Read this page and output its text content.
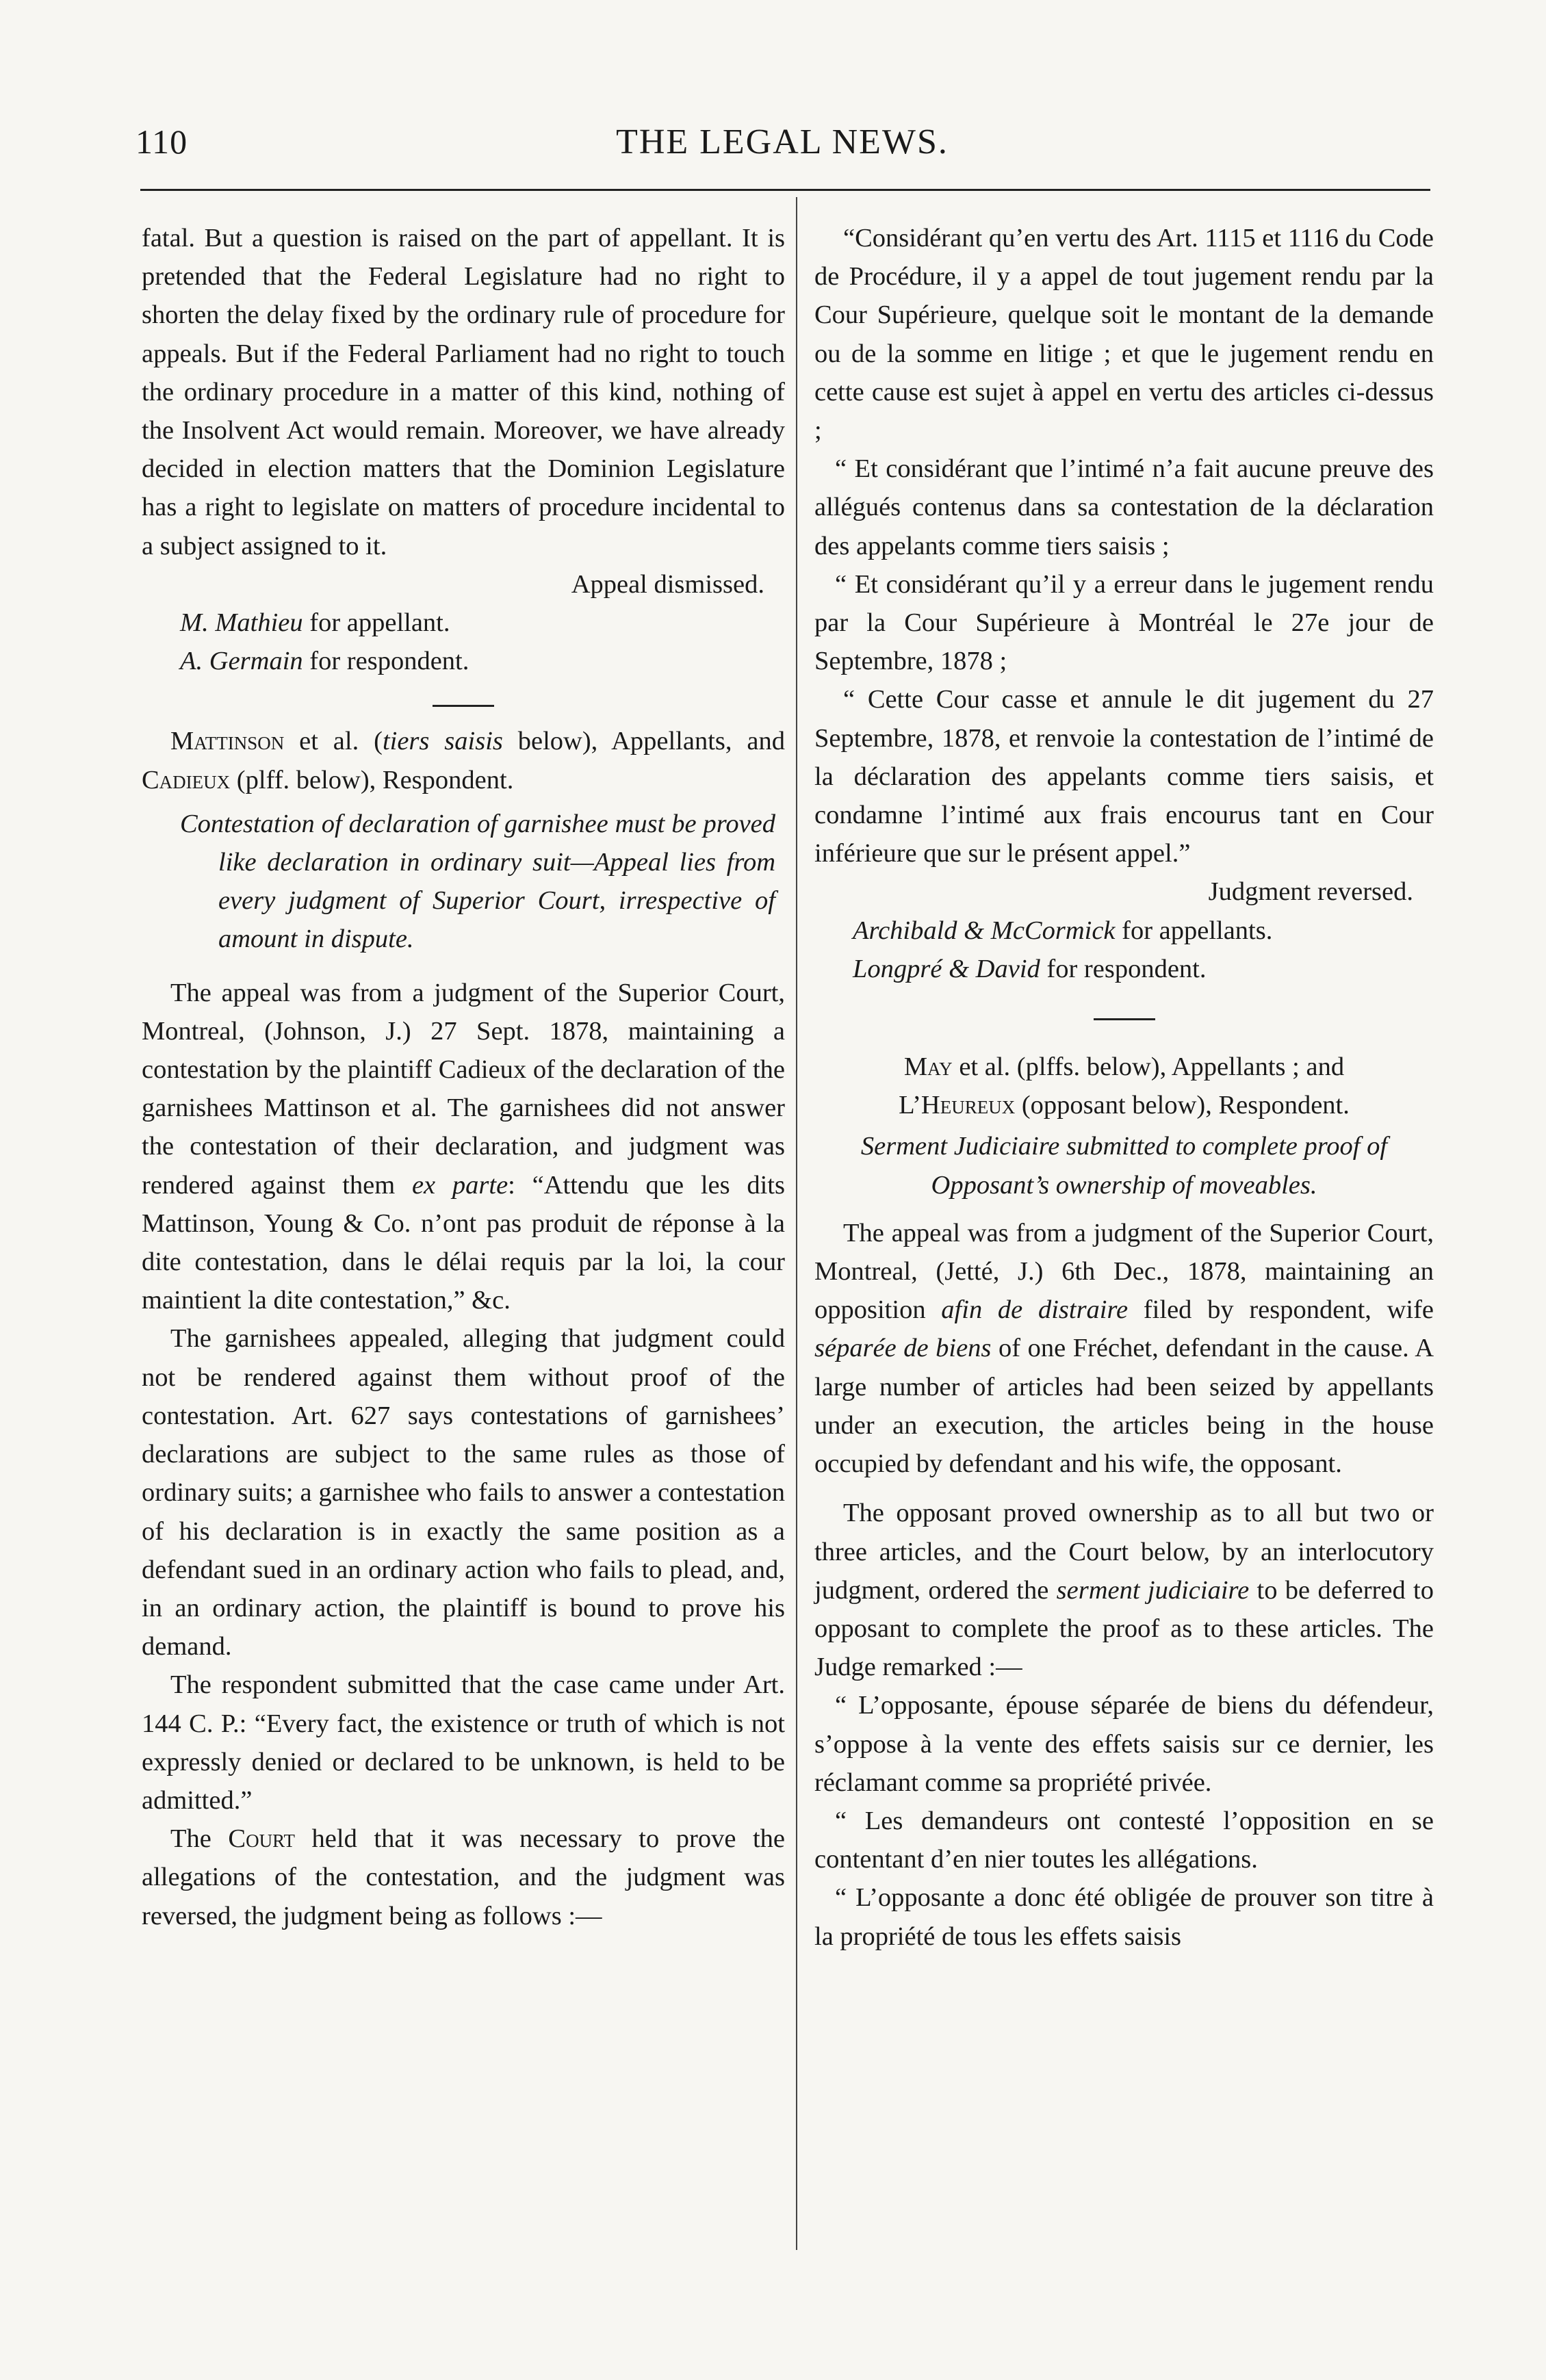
110	THE LEGAL NEWS.

fatal. But a question is raised on the part of appellant. It is pretended that the Federal Legislature had no right to shorten the delay fixed by the ordinary rule of procedure for appeals. But if the Federal Parliament had no right to touch the ordinary procedure in a matter of this kind, nothing of the Insolvent Act would remain. Moreover, we have already decided in election matters that the Dominion Legislature has a right to legislate on matters of procedure incidental to a subject assigned to it.

Appeal dismissed.

M. Mathieu for appellant.

A. Germain for respondent.

Mattinson et al. (tiers saisis below), Appellants, and Cadieux (plff. below), Respondent.

Contestation of declaration of garnishee must be proved like declaration in ordinary suit—Appeal lies from every judgment of Superior Court, irrespective of amount in dispute.

The appeal was from a judgment of the Superior Court, Montreal, (Johnson, J.) 27 Sept. 1878, maintaining a contestation by the plaintiff Cadieux of the declaration of the garnishees Mattinson et al. The garnishees did not answer the contestation of their declaration, and judgment was rendered against them ex parte: “Attendu que les dits Mattinson, Young & Co. n’ont pas produit de réponse à la dite contestation, dans le délai requis par la loi, la cour maintient la dite contestation,” &c.

The garnishees appealed, alleging that judgment could not be rendered against them without proof of the contestation. Art. 627 says contestations of garnishees’ declarations are subject to the same rules as those of ordinary suits; a garnishee who fails to answer a contestation of his declaration is in exactly the same position as a defendant sued in an ordinary action who fails to plead, and, in an ordinary action, the plaintiff is bound to prove his demand.

The respondent submitted that the case came under Art. 144 C. P.: “Every fact, the existence or truth of which is not expressly denied or declared to be unknown, is held to be admitted.”

The Court held that it was necessary to prove the allegations of the contestation, and the judgment was reversed, the judgment being as follows :—

“Considérant qu’en vertu des Art. 1115 et 1116 du Code de Procédure, il y a appel de tout jugement rendu par la Cour Supérieure, quelque soit le montant de la demande ou de la somme en litige ; et que le jugement rendu en cette cause est sujet à appel en vertu des articles ci-dessus ;

“ Et considérant que l’intimé n’a fait aucune preuve des allégués contenus dans sa contestation de la déclaration des appelants comme tiers saisis ;

“ Et considérant qu’il y a erreur dans le jugement rendu par la Cour Supérieure à Montréal le 27e jour de Septembre, 1878 ;

“ Cette Cour casse et annule le dit jugement du 27 Septembre, 1878, et renvoie la contestation de l’intimé de la déclaration des appelants comme tiers saisis, et condamne l’intimé aux frais encourus tant en Cour inférieure que sur le présent appel.”

Judgment reversed.

Archibald & McCormick for appellants.

Longpré & David for respondent.

May et al. (plffs. below), Appellants ; and
L’Heureux (opposant below), Respondent.

Serment Judiciaire submitted to complete proof of Opposant’s ownership of moveables.

The appeal was from a judgment of the Superior Court, Montreal, (Jetté, J.) 6th Dec., 1878, maintaining an opposition afin de distraire filed by respondent, wife séparée de biens of one Fréchet, defendant in the cause. A large number of articles had been seized by appellants under an execution, the articles being in the house occupied by defendant and his wife, the opposant.

The opposant proved ownership as to all but two or three articles, and the Court below, by an interlocutory judgment, ordered the serment judiciaire to be deferred to opposant to complete the proof as to these articles. The Judge remarked :—

“ L’opposante, épouse séparée de biens du défendeur, s’oppose à la vente des effets saisis sur ce dernier, les réclamant comme sa propriété privée.

“ Les demandeurs ont contesté l’opposition en se contentant d’en nier toutes les allégations.

“ L’opposante a donc été obligée de prouver son titre à la propriété de tous les effets saisis
